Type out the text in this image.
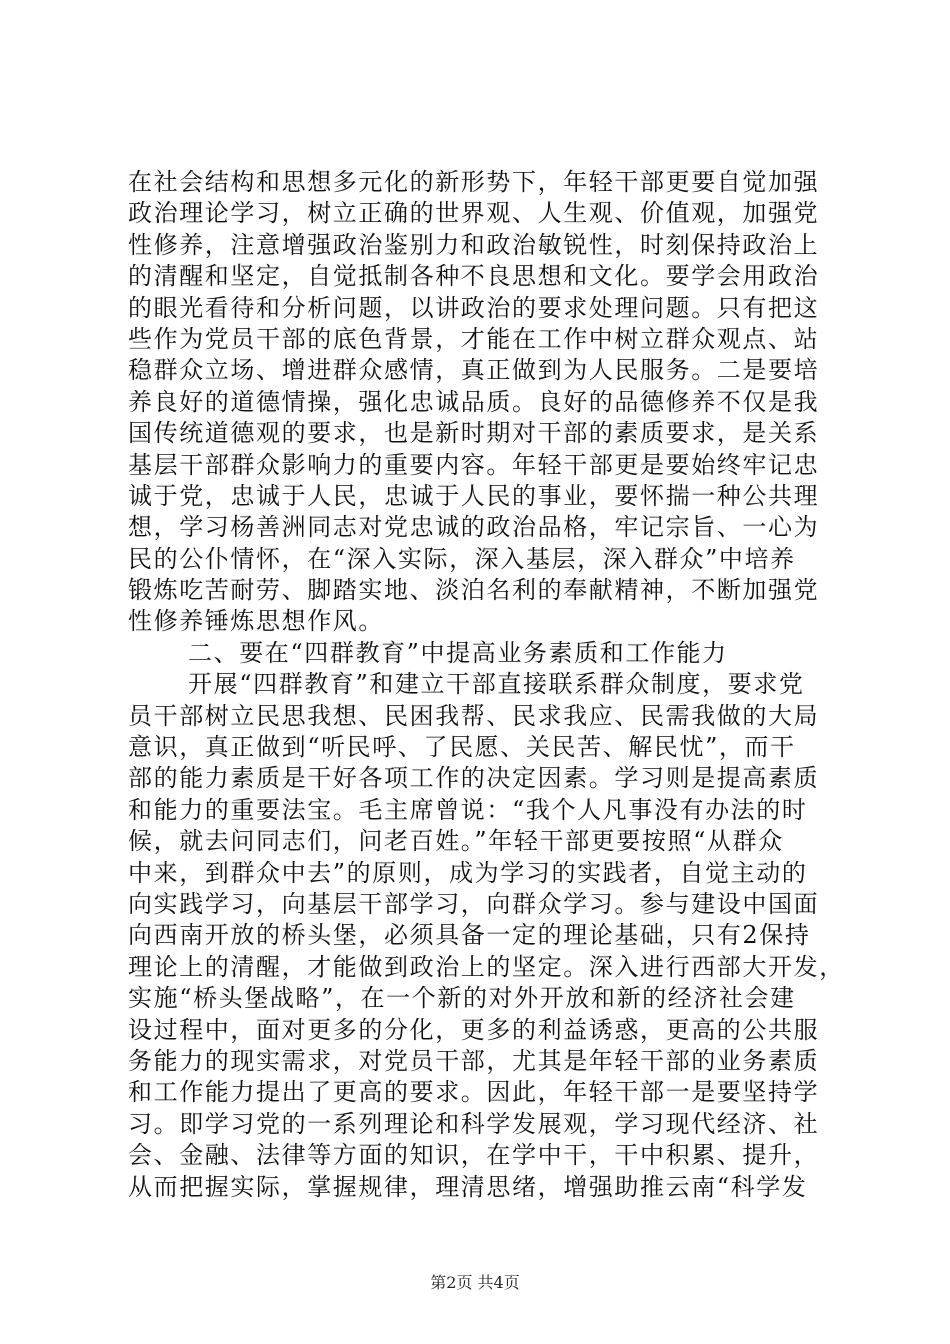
在社会结构和思想多元化的新形势下，年轻干部更要自觉加强
政治理论学习，树立正确的世界观、人生观、价值观，加强党
性修养，注意增强政治鉴别力和政治敏锐性，时刻保持政治上
的清醒和坚定，自觉抵制各种不良思想和文化。要学会用政治
的眼光看待和分析问题，以讲政治的要求处理问题。只有把这
些作为党员干部的底色背景，才能在工作中树立群众观点、站
稳群众立场、增进群众感情，真正做到为人民服务。二是要培
养良好的道德情操，强化忠诚品质。良好的品德修养不仅是我
国传统道德观的要求，也是新时期对干部的素质要求，是关系
基层干部群众影响力的重要内容。年轻干部更是要始终牢记忠
诚于党，忠诚于人民，忠诚于人民的事业，要怀揣一种公共理
想，学习杨善洲同志对党忠诚的政治品格，牢记宗旨、一心为
民的公仆情怀，在“深入实际，深入基层，深入群众”中培养
锻炼吃苦耐劳、脚踏实地、淡泊名利的奉献精神，不断加强党
性修养锤炼思想作风。
二、要在“四群教育”中提高业务素质和工作能力
开展“四群教育”和建立干部直接联系群众制度，要求党
员干部树立民思我想、民困我帮、民求我应、民需我做的大局
意识，真正做到“听民呼、了民愿、关民苦、解民忧”，而干
部的能力素质是干好各项工作的决定因素。学习则是提高素质
和能力的重要法宝。毛主席曾说：“我个人凡事没有办法的时
候，就去问同志们，问老百姓。”年轻干部更要按照“从群众
中来，到群众中去”的原则，成为学习的实践者，自觉主动的
向实践学习，向基层干部学习，向群众学习。参与建设中国面
向西南开放的桥头堡，必须具备一定的理论基础，只有2保持
理论上的清醒，才能做到政治上的坚定。深入进行西部大开发，
实施“桥头堡战略”，在一个新的对外开放和新的经济社会建
设过程中，面对更多的分化，更多的利益诱惑，更高的公共服
务能力的现实需求，对党员干部，尤其是年轻干部的业务素质
和工作能力提出了更高的要求。因此，年轻干部一是要坚持学
习。即学习党的一系列理论和科学发展观，学习现代经济、社
会、金融、法律等方面的知识，在学中干，干中积累、提升，
从而把握实际，掌握规律，理清思绪，增强助推云南“科学发
第2页 共4页
